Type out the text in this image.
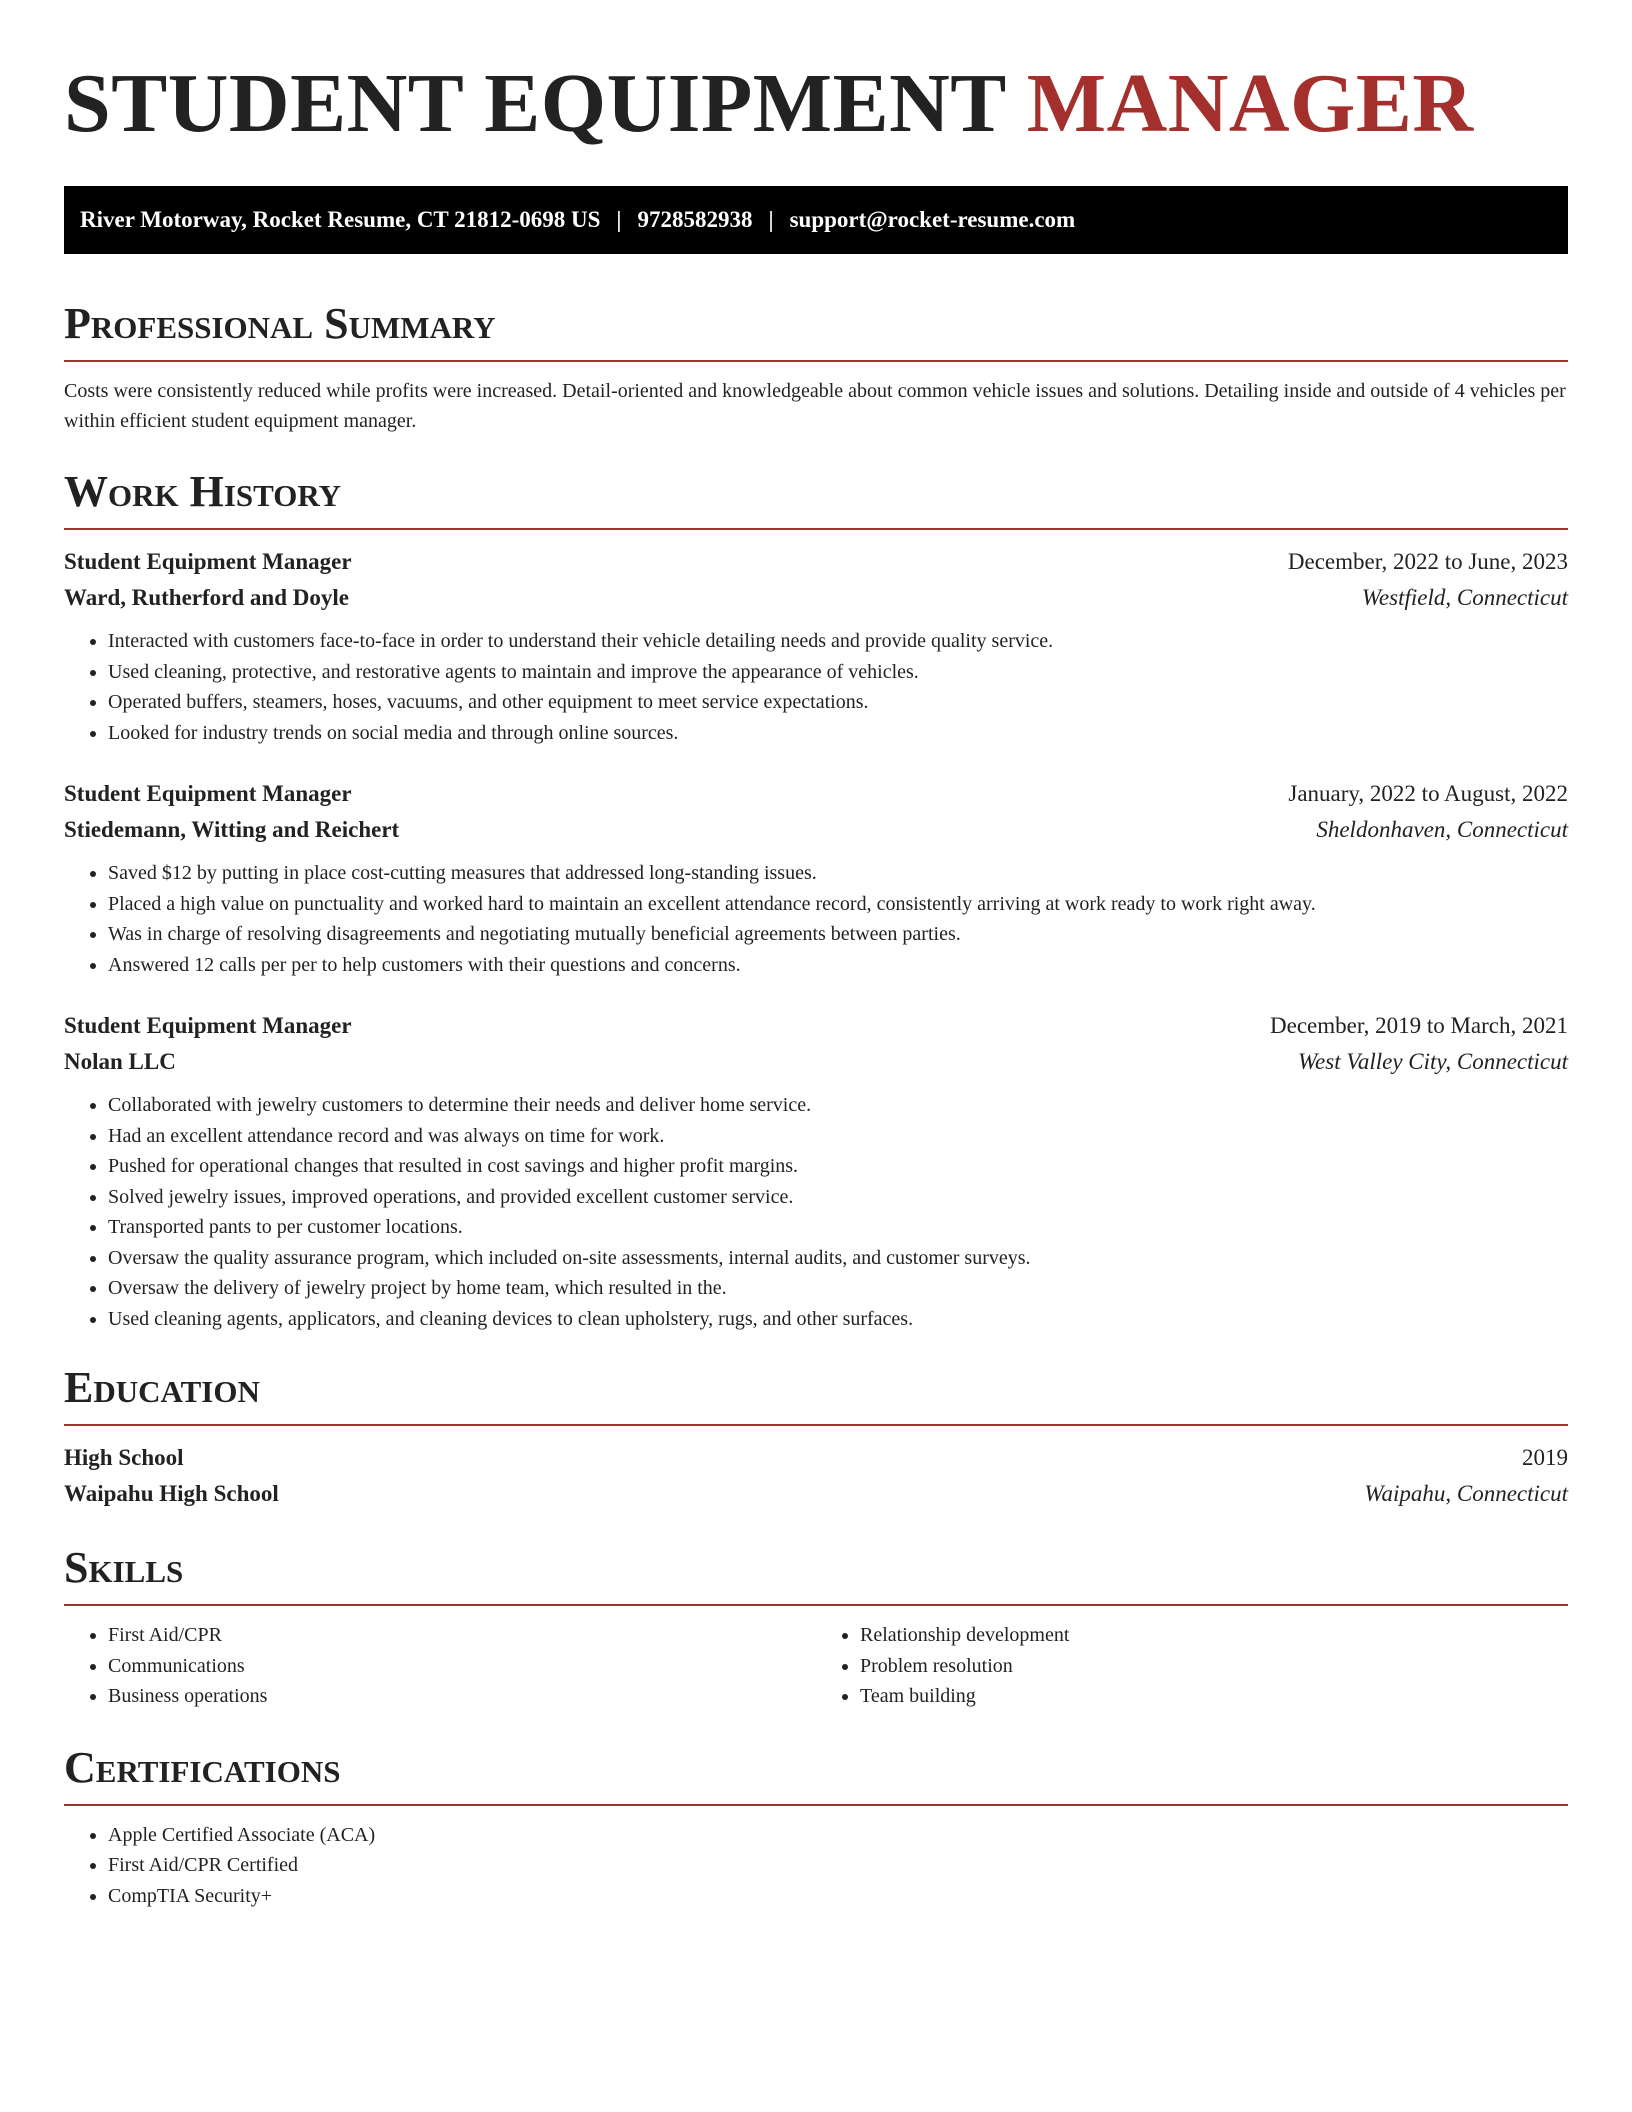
STUDENT EQUIPMENT MANAGER
River Motorway, Rocket Resume, CT 21812-0698 US | 9728582938 | support@rocket-resume.com
Professional Summary

Costs were consistently reduced while profits were increased. Detail-oriented and knowledgeable about common vehicle issues and solutions. Detailing inside and outside of 4 vehicles per within efficient student equipment manager.

Work History
Student Equipment Manager	December, 2022 to June, 2023
Ward, Rutherford and Doyle	Westfield, Connecticut
• Interacted with customers face-to-face in order to understand their vehicle detailing needs and provide quality service.
• Used cleaning, protective, and restorative agents to maintain and improve the appearance of vehicles.
• Operated buffers, steamers, hoses, vacuums, and other equipment to meet service expectations.
• Looked for industry trends on social media and through online sources.
Student Equipment Manager	January, 2022 to August, 2022
Stiedemann, Witting and Reichert	Sheldonhaven, Connecticut
• Saved $12 by putting in place cost-cutting measures that addressed long-standing issues.
• Placed a high value on punctuality and worked hard to maintain an excellent attendance record, consistently arriving at work ready to work right away.
• Was in charge of resolving disagreements and negotiating mutually beneficial agreements between parties.
• Answered 12 calls per per to help customers with their questions and concerns.
Student Equipment Manager	December, 2019 to March, 2021
Nolan LLC	West Valley City, Connecticut
• Collaborated with jewelry customers to determine their needs and deliver home service.
• Had an excellent attendance record and was always on time for work.
• Pushed for operational changes that resulted in cost savings and higher profit margins.
• Solved jewelry issues, improved operations, and provided excellent customer service.
• Transported pants to per customer locations.
• Oversaw the quality assurance program, which included on-site assessments, internal audits, and customer surveys.
• Oversaw the delivery of jewelry project by home team, which resulted in the.
• Used cleaning agents, applicators, and cleaning devices to clean upholstery, rugs, and other surfaces.
Education
High School	2019
Waipahu High School	Waipahu, Connecticut
Skills
• First Aid/CPR
• Communications
• Business operations
• Relationship development
• Problem resolution
• Team building
Certifications
• Apple Certified Associate (ACA)
• First Aid/CPR Certified
• CompTIA Security+
